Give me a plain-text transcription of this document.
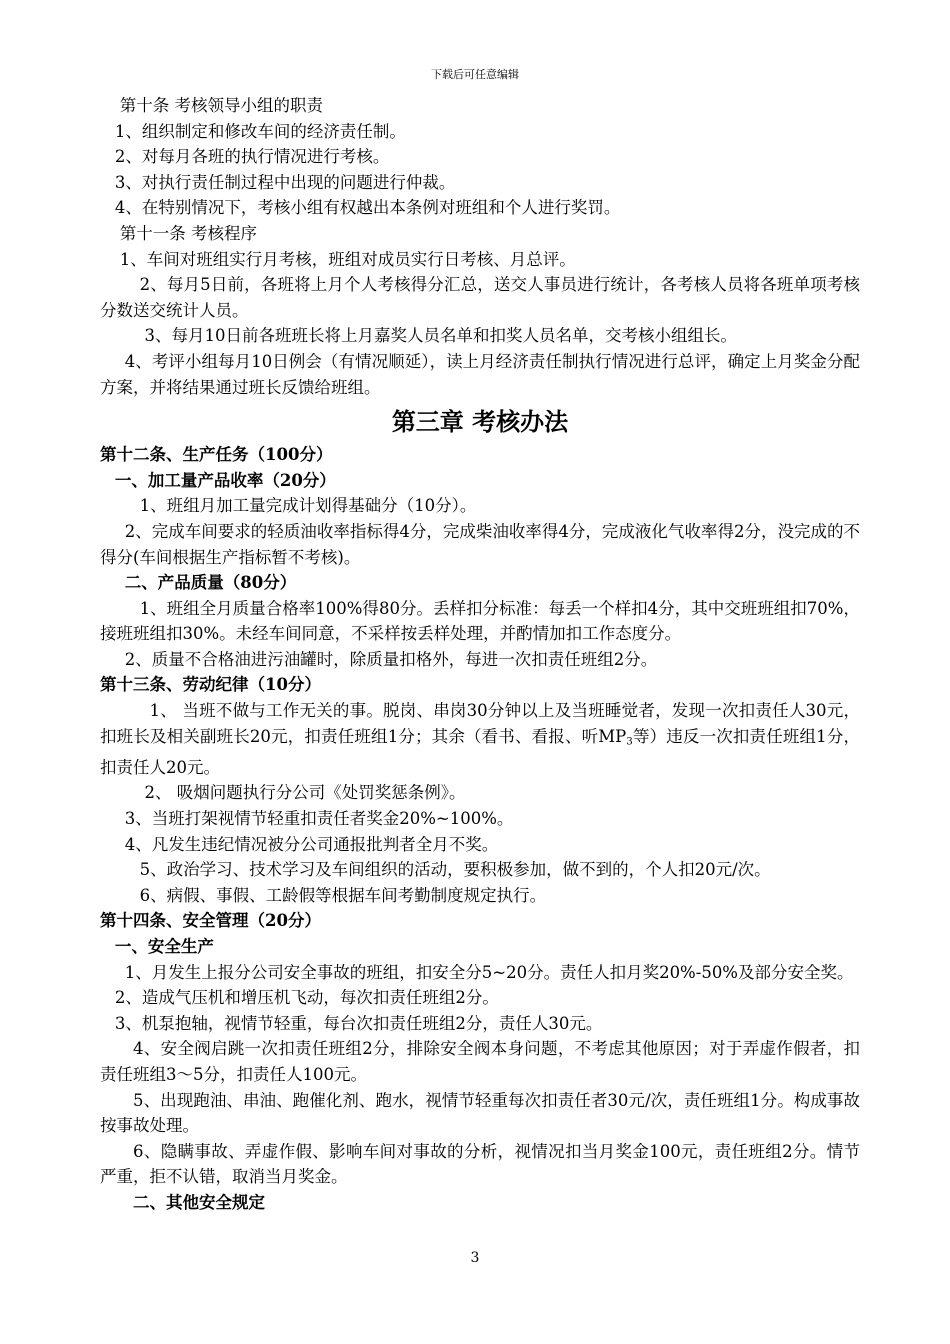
下载后可任意编辑

第十条 考核领导小组的职责

1、组织制定和修改车间的经济责任制。

2、对每月各班的执行情况进行考核。

3、对执行责任制过程中出现的问题进行仲裁。

4、在特别情况下，考核小组有权越出本条例对班组和个人进行奖罚。

第十一条 考核程序

1、车间对班组实行月考核，班组对成员实行日考核、月总评。

2、每月5日前，各班将上月个人考核得分汇总，送交人事员进行统计，各考核人员将各班单项考核分数送交统计人员。

3、每月10日前各班班长将上月嘉奖人员名单和扣奖人员名单，交考核小组组长。

4、考评小组每月10日例会（有情况顺延），读上月经济责任制执行情况进行总评，确定上月奖金分配方案，并将结果通过班长反馈给班组。

第三章 考核办法

第十二条、生产任务（100分）

一、加工量产品收率（20分）

1、班组月加工量完成计划得基础分（10分）。

2、完成车间要求的轻质油收率指标得4分，完成柴油收率得4分，完成液化气收率得2分，没完成的不得分(车间根据生产指标暂不考核)。

二、产品质量（80分）

1、班组全月质量合格率100%得80分。丢样扣分标准：每丢一个样扣4分，其中交班班组扣70%，接班班组扣30%。未经车间同意，不采样按丢样处理，并酌情加扣工作态度分。

2、质量不合格油进污油罐时，除质量扣格外，每进一次扣责任班组2分。

第十三条、劳动纪律（10分）

1、 当班不做与工作无关的事。脱岗、串岗30分钟以上及当班睡觉者，发现一次扣责任人30元，扣班长及相关副班长20元，扣责任班组1分；其余（看书、看报、听$MP_3$等）违反一次扣责任班组1分，扣责任人20元。

2、 吸烟问题执行分公司《处罚奖惩条例》。

3、当班打架视情节轻重扣责任者奖金20%~100%。

4、凡发生违纪情况被分公司通报批判者全月不奖。

5、政治学习、技术学习及车间组织的活动，要积极参加，做不到的，个人扣20元/次。

6、病假、事假、工龄假等根据车间考勤制度规定执行。

第十四条、安全管理（20分）

一、安全生产

1、月发生上报分公司安全事故的班组，扣安全分5~20分。责任人扣月奖20%-50%及部分安全奖。

2、造成气压机和增压机飞动，每次扣责任班组2分。

3、机泵抱轴，视情节轻重，每台次扣责任班组2分，责任人30元。

4、安全阀启跳一次扣责任班组2分，排除安全阀本身问题，不考虑其他原因；对于弄虚作假者，扣责任班组3～5分，扣责任人100元。

5、出现跑油、串油、跑催化剂、跑水，视情节轻重每次扣责任者30元/次，责任班组1分。构成事故按事故处理。

6、隐瞒事故、弄虚作假、影响车间对事故的分析，视情况扣当月奖金100元，责任班组2分。情节严重，拒不认错，取消当月奖金。

二、其他安全规定

3
